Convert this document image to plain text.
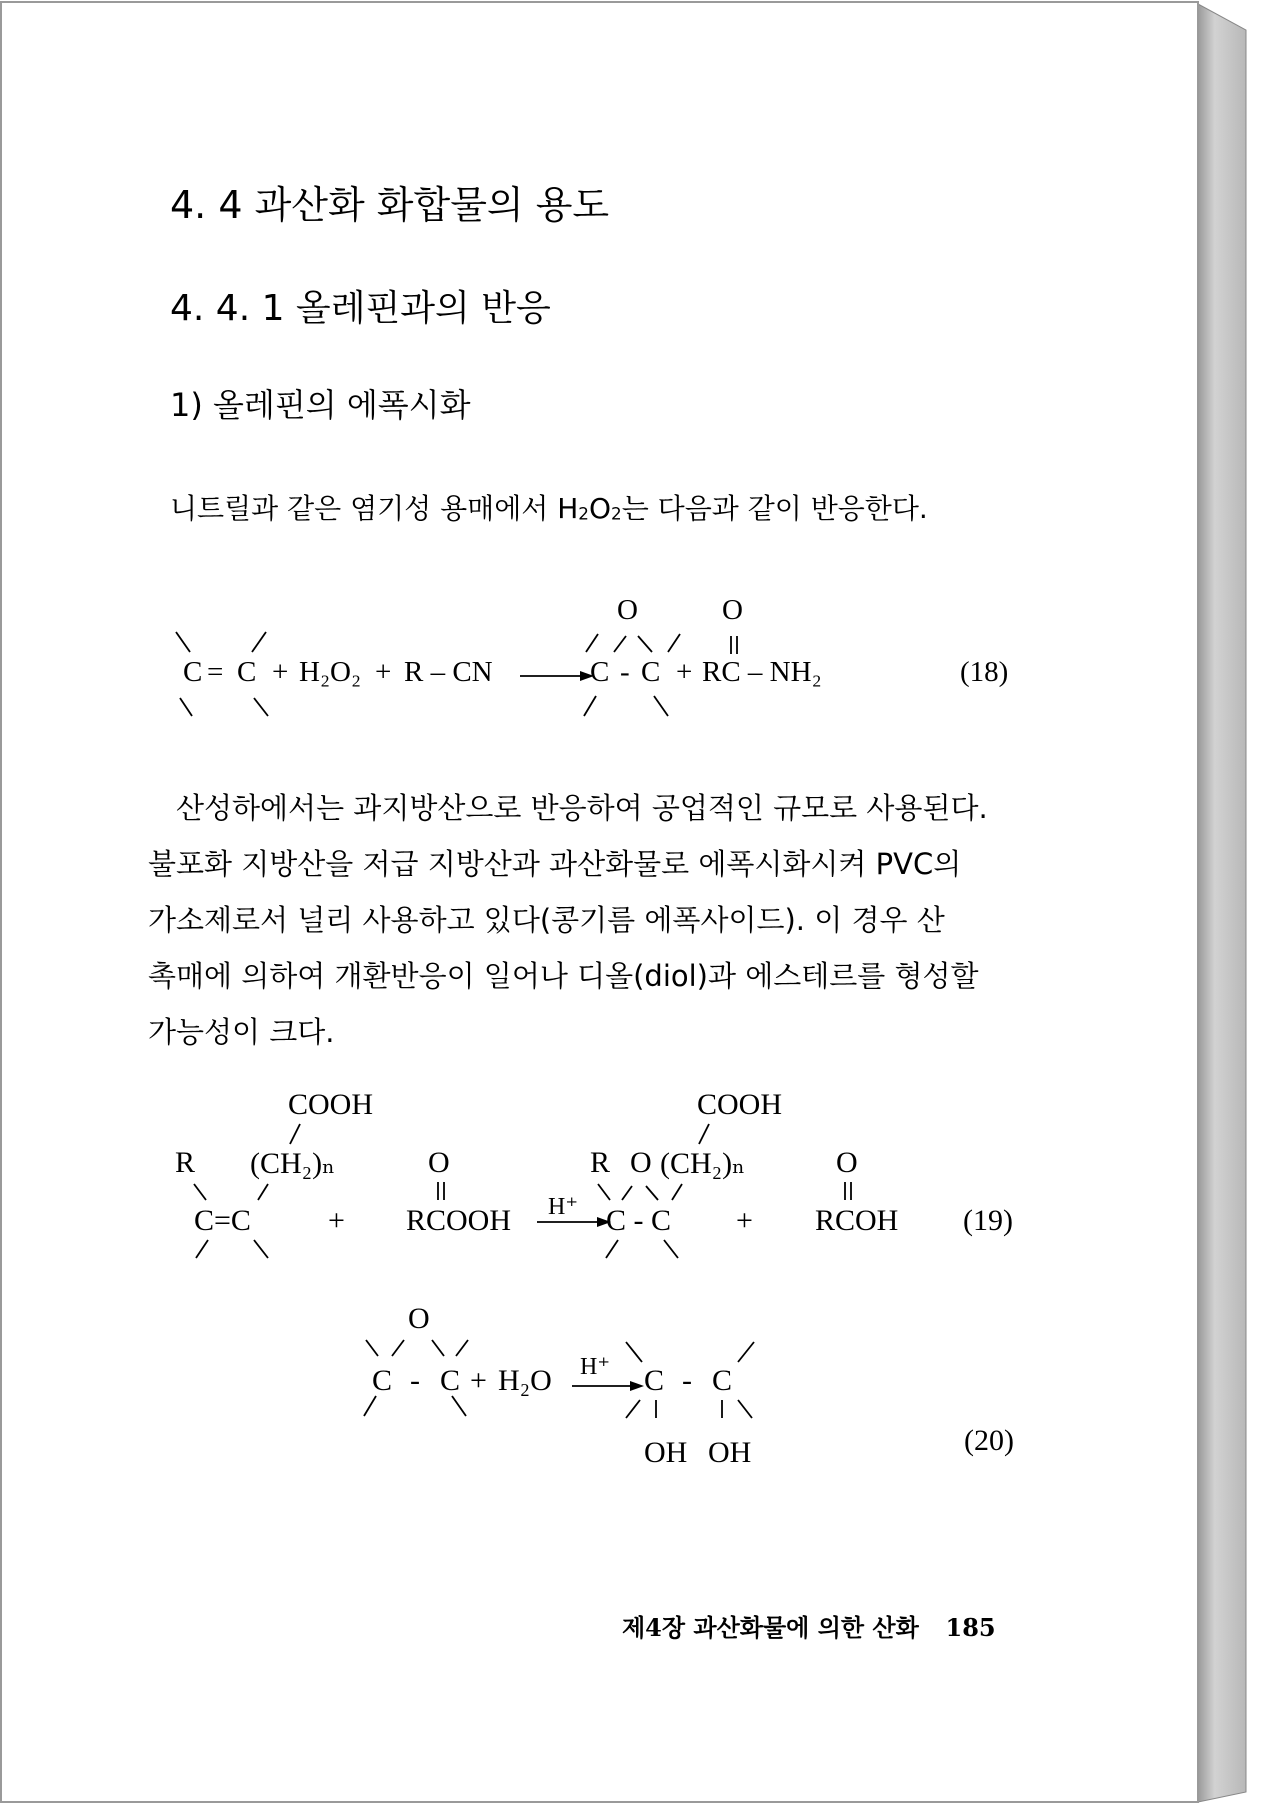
4. 4 과산화 화합물의 용도
4. 4. 1 올레핀과의 반응
1) 올레핀의 에폭시화
니트릴과 같은 염기성 용매에서 $H_2O_2$는 다음과 같이 반응한다.
C = C + H₂O₂ + R – CN
O	O
C - C + RC – NH₂	(18)
산성하에서는 과지방산으로 반응하여 공업적인 규모로 사용된다.
불포화 지방산을 저급 지방산과 과산화물로 에폭시화시켜 PVC의
가소제로서 널리 사용하고 있다(콩기름 에폭사이드). 이 경우 산
촉매에 의하여 개환반응이 일어나 디올(diol)과 에스테르를 형성할
가능성이 크다.
COOH
R (CH₂)ₙ	O
C=C	+ RCOOH H⁺
COOH
R O (CH₂)ₙ	O
C - C + RCOH (19)
O
C - C + H₂O H⁺ C - C
OH OH	(20)
제4장 과산화물에 의한 산화 185
